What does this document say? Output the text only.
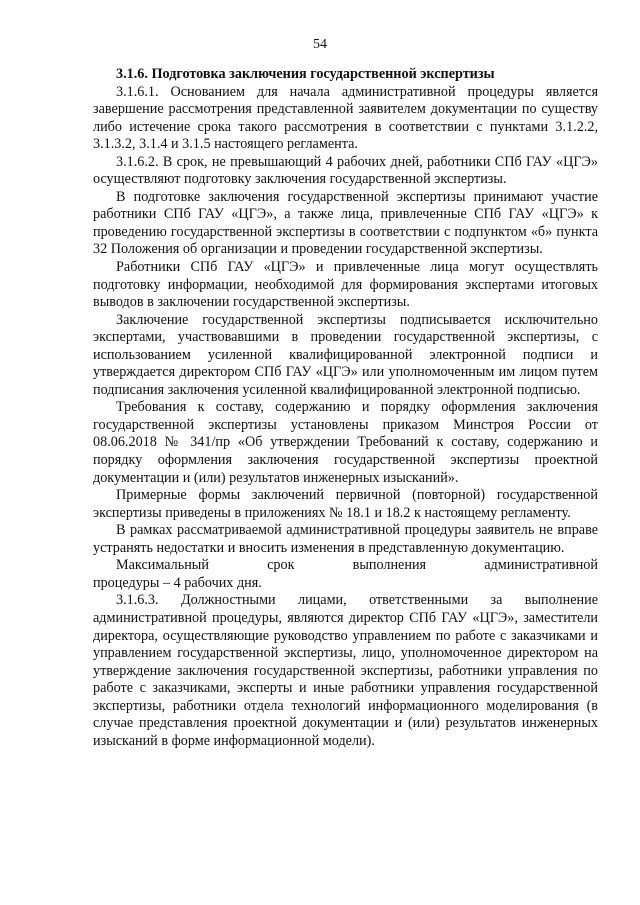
54

3.1.6. Подготовка заключения государственной экспертизы

3.1.6.1. Основанием для начала административной процедуры является завершение рассмотрения представленной заявителем документации по существу либо истечение срока такого рассмотрения в соответствии с пунктами 3.1.2.2, 3.1.3.2, 3.1.4 и 3.1.5 настоящего регламента.

3.1.6.2. В срок, не превышающий 4 рабочих дней, работники СПб ГАУ «ЦГЭ» осуществляют подготовку заключения государственной экспертизы.

В подготовке заключения государственной экспертизы принимают участие работники СПб ГАУ «ЦГЭ», а также лица, привлеченные СПб ГАУ «ЦГЭ» к проведению государственной экспертизы в соответствии с подпунктом «б» пункта 32 Положения об организации и проведении государственной экспертизы.

Работники СПб ГАУ «ЦГЭ» и привлеченные лица могут осуществлять подготовку информации, необходимой для формирования экспертами итоговых выводов в заключении государственной экспертизы.

Заключение государственной экспертизы подписывается исключительно экспертами, участвовавшими в проведении государственной экспертизы, с использованием усиленной квалифицированной электронной подписи и утверждается директором СПб ГАУ «ЦГЭ» или уполномоченным им лицом путем подписания заключения усиленной квалифицированной электронной подписью.

Требования к составу, содержанию и порядку оформления заключения государственной экспертизы установлены приказом Минстроя России от 08.06.2018 № 341/пр «Об утверждении Требований к составу, содержанию и порядку оформления заключения государственной экспертизы проектной документации и (или) результатов инженерных изысканий».

Примерные формы заключений первичной (повторной) государственной экспертизы приведены в приложениях № 18.1 и 18.2 к настоящему регламенту.

В рамках рассматриваемой административной процедуры заявитель не вправе устранять недостатки и вносить изменения в представленную документацию.

Максимальный	срок	выполнения	административной

процедуры – 4 рабочих дня.

3.1.6.3. Должностными лицами, ответственными за выполнение административной процедуры, являются директор СПб ГАУ «ЦГЭ», заместители директора, осуществляющие руководство управлением по работе с заказчиками и управлением государственной экспертизы, лицо, уполномоченное директором на утверждение заключения государственной экспертизы, работники управления по работе с заказчиками, эксперты и иные работники управления государственной экспертизы, работники отдела технологий информационного моделирования (в случае представления проектной документации и (или) результатов инженерных изысканий в форме информационной модели).
